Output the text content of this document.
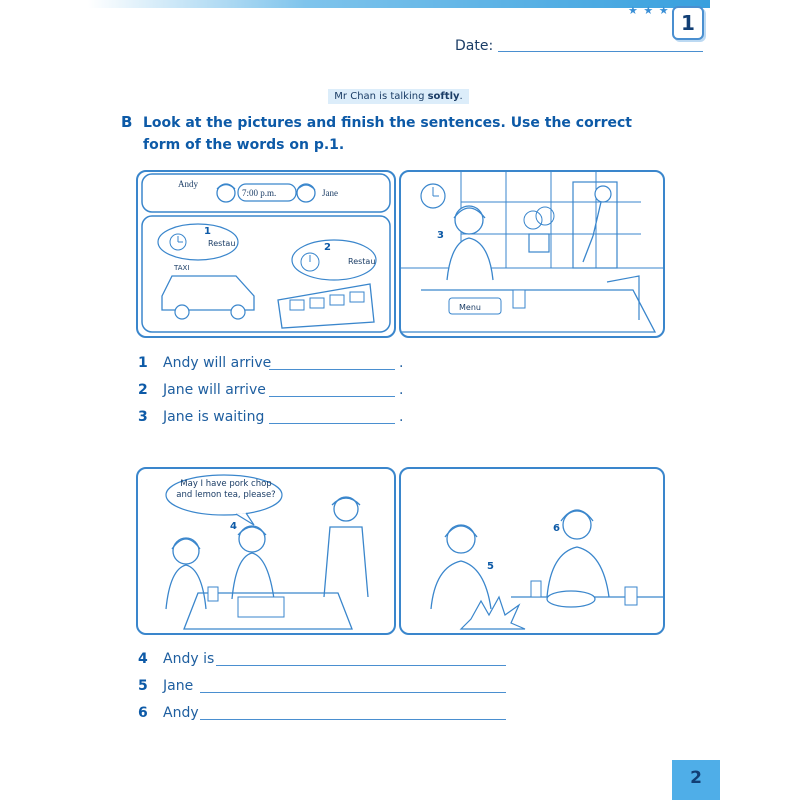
★ ★ ★
1
Date:
Mr Chan is talking softly.
B Look at the pictures and finish the sentences. Use the correct form of the words on p.1.
Andy
7:00 p.m.	Jane
1
Restau	2
Restau
TAXI
3
Menu
1 Andy will arrive	.
2 Jane will arrive	.
3 Jane is waiting	.
May I have pork chop and lemon tea, please?
4
5
6
4 Andy is
5 Jane
6 Andy
2
